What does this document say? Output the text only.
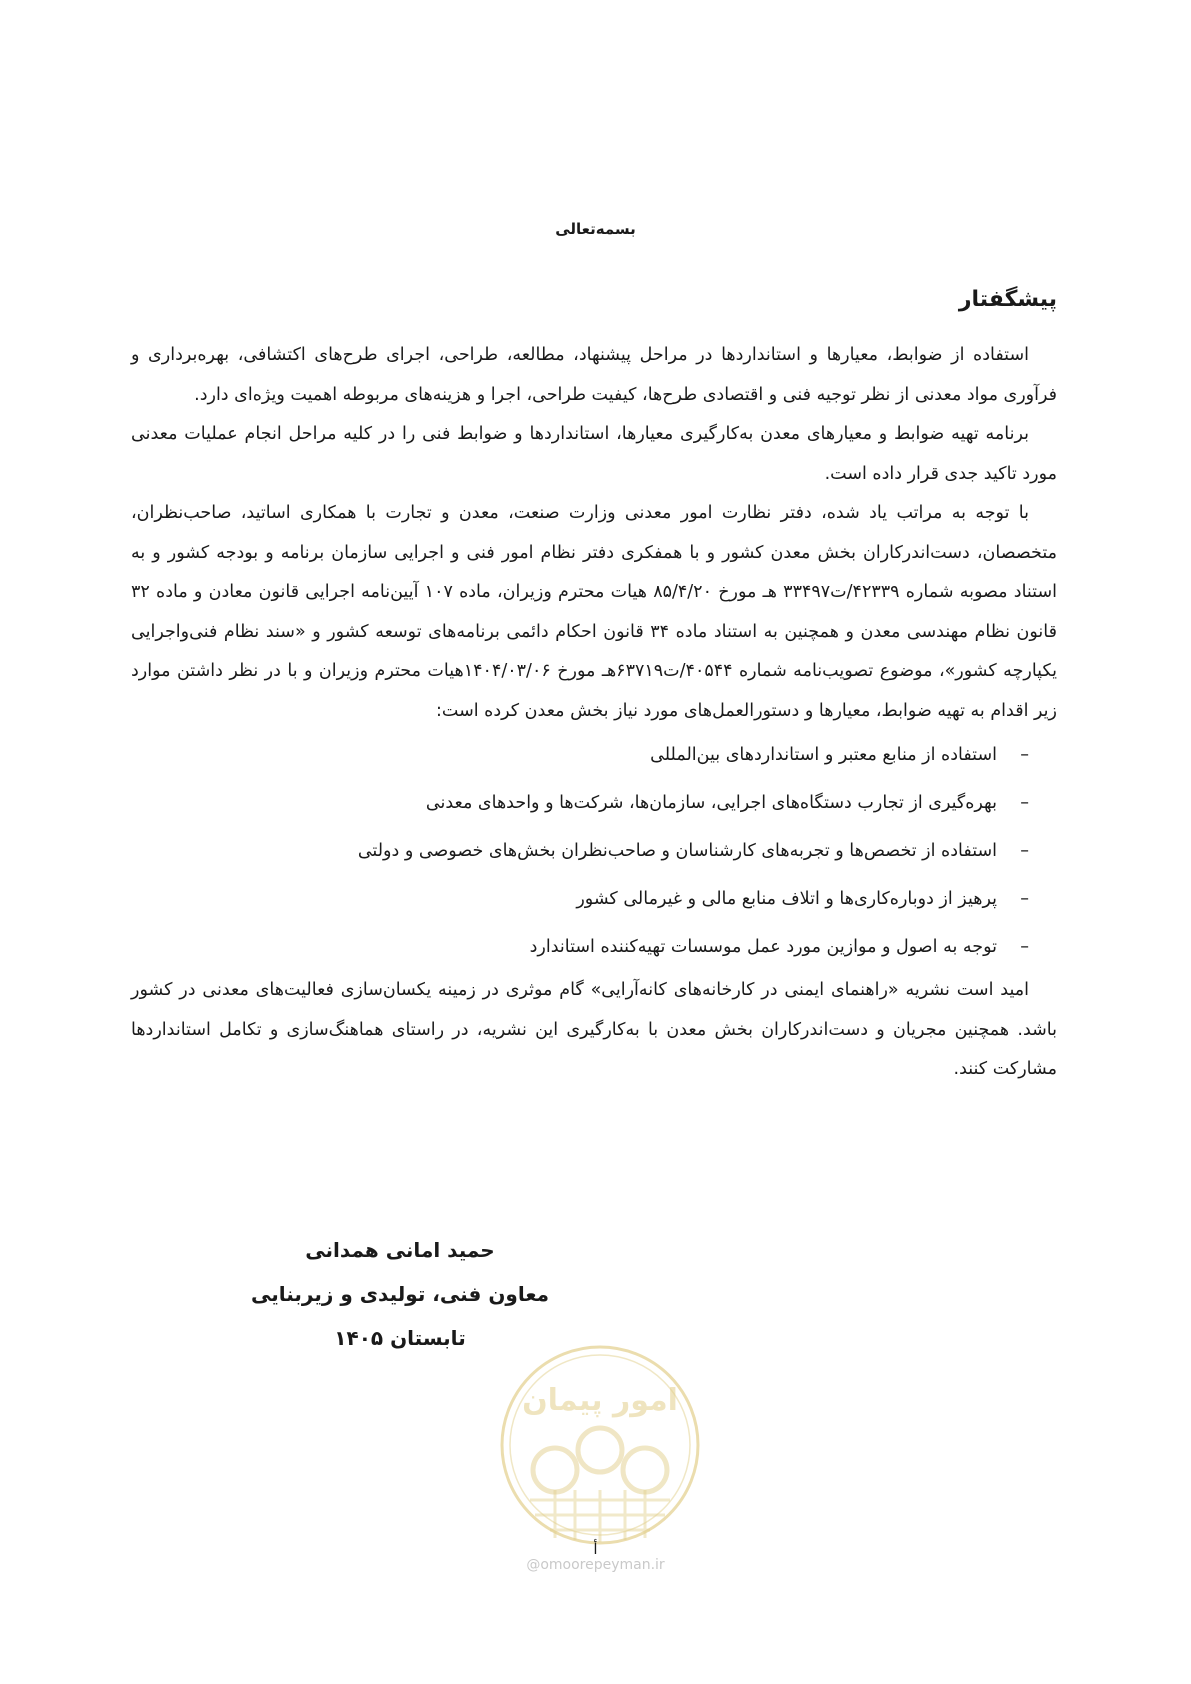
بسمه‌تعالی
پیشگفتار

استفاده از ضوابط، معیارها و استانداردها در مراحل پیشنهاد، مطالعه، طراحی، اجرای طرح‌های اکتشافی، بهره‌برداری و فرآوری مواد معدنی از نظر توجیه فنی و اقتصادی طرح‌ها، کیفیت طراحی، اجرا و هزینه‌های مربوطه اهمیت ویژه‌ای دارد.

برنامه تهیه ضوابط و معیارهای معدن به‌کارگیری معیارها، استانداردها و ضوابط فنی را در کلیه مراحل انجام عملیات معدنی مورد تاکید جدی قرار داده است.

با توجه به مراتب یاد شده، دفتر نظارت امور معدنی وزارت صنعت، معدن و تجارت با همکاری اساتید، صاحب‌نظران، متخصصان، دست‌اندرکاران بخش معدن کشور و با همفکری دفتر نظام امور فنی و اجرایی سازمان برنامه و بودجه کشور و به استناد مصوبه شماره ۴۲۳۳۹/ت۳۳۴۹۷ هـ مورخ ۸۵/۴/۲۰ هیات محترم وزیران، ماده ۱۰۷ آیین‌نامه اجرایی قانون معادن و ماده ۳۲ قانون نظام مهندسی معدن و همچنین به استناد ماده ۳۴ قانون احکام دائمی برنامه‌های توسعه کشور و «سند نظام فنی‌واجرایی یکپارچه کشور»، موضوع تصویب‌نامه شماره ۴۰۵۴۴/ت۶۳۷۱۹هـ مورخ ۱۴۰۴/۰۳/۰۶هیات محترم وزیران و با در نظر داشتن موارد زیر اقدام به تهیه ضوابط، معیارها و دستورالعمل‌های مورد نیاز بخش معدن کرده است:

–استفاده از منابع معتبر و استانداردهای بین‌المللی
–بهره‌گیری از تجارب دستگاه‌های اجرایی، سازمان‌ها، شرکت‌ها و واحدهای معدنی
–استفاده از تخصص‌ها و تجربه‌های کارشناسان و صاحب‌نظران بخش‌های خصوصی و دولتی
–پرهیز از دوباره‌کاری‌ها و اتلاف منابع مالی و غیرمالی کشور
–توجه به اصول و موازین مورد عمل موسسات تهیه‌کننده استاندارد

امید است نشریه «راهنمای ایمنی در کارخانه‌های کانه‌آرایی» گام موثری در زمینه یکسان‌سازی فعالیت‌های معدنی در کشور باشد. همچنین مجریان و دست‌اندرکاران بخش معدن با به‌کارگیری این نشریه، در راستای هماهنگ‌سازی و تکامل استانداردها مشارکت کنند.

حمید امانی همدانی
معاون فنی، تولیدی و زیربنایی
تابستان ۱۴۰۵
امور پیمان
أ
@omoorepeyman.ir
